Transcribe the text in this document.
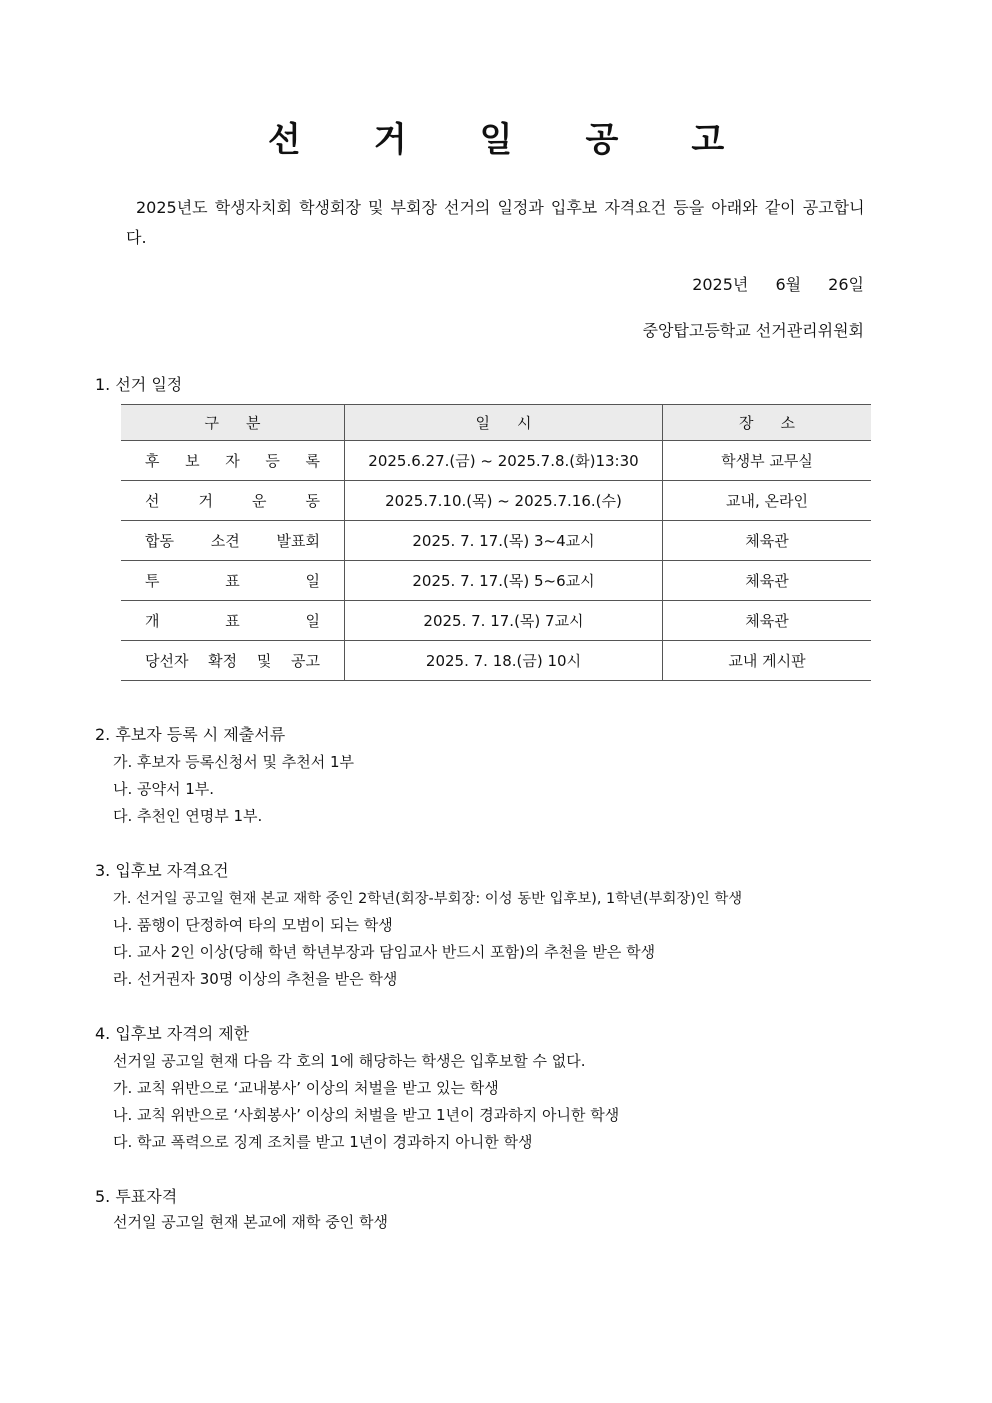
선 거 일 공 고
2025년도 학생자치회 학생회장 및 부회장 선거의 일정과 입후보 자격요건 등을 아래와 같이 공고합니다.
2025년 6월 26일
중앙탑고등학교 선거관리위원회
1. 선거 일정
구 분	일 시	장 소

후 보 자 등 록	2025.6.27.(금) ~ 2025.7.8.(화)13:30	학생부 교무실

선 거 운 동	2025.7.10.(목) ~ 2025.7.16.(수)	교내, 온라인

합동 소견 발표회	2025. 7. 17.(목) 3~4교시	체육관

투 표 일	2025. 7. 17.(목) 5~6교시	체육관

개 표 일	2025. 7. 17.(목) 7교시	체육관

당선자 확정 및 공고	2025. 7. 18.(금) 10시	교내 게시판
2. 후보자 등록 시 제출서류
가. 후보자 등록신청서 및 추천서 1부
나. 공약서 1부.
다. 추천인 연명부 1부.
3. 입후보 자격요건
가. 선거일 공고일 현재 본교 재학 중인 2학년(회장-부회장: 이성 동반 입후보), 1학년(부회장)인 학생
나. 품행이 단정하여 타의 모범이 되는 학생
다. 교사 2인 이상(당해 학년 학년부장과 담임교사 반드시 포함)의 추천을 받은 학생
라. 선거권자 30명 이상의 추천을 받은 학생
4. 입후보 자격의 제한
선거일 공고일 현재 다음 각 호의 1에 해당하는 학생은 입후보할 수 없다.
가. 교칙 위반으로 ‘교내봉사’ 이상의 처벌을 받고 있는 학생
나. 교칙 위반으로 ‘사회봉사’ 이상의 처벌을 받고 1년이 경과하지 아니한 학생
다. 학교 폭력으로 징계 조치를 받고 1년이 경과하지 아니한 학생
5. 투표자격
선거일 공고일 현재 본교에 재학 중인 학생
